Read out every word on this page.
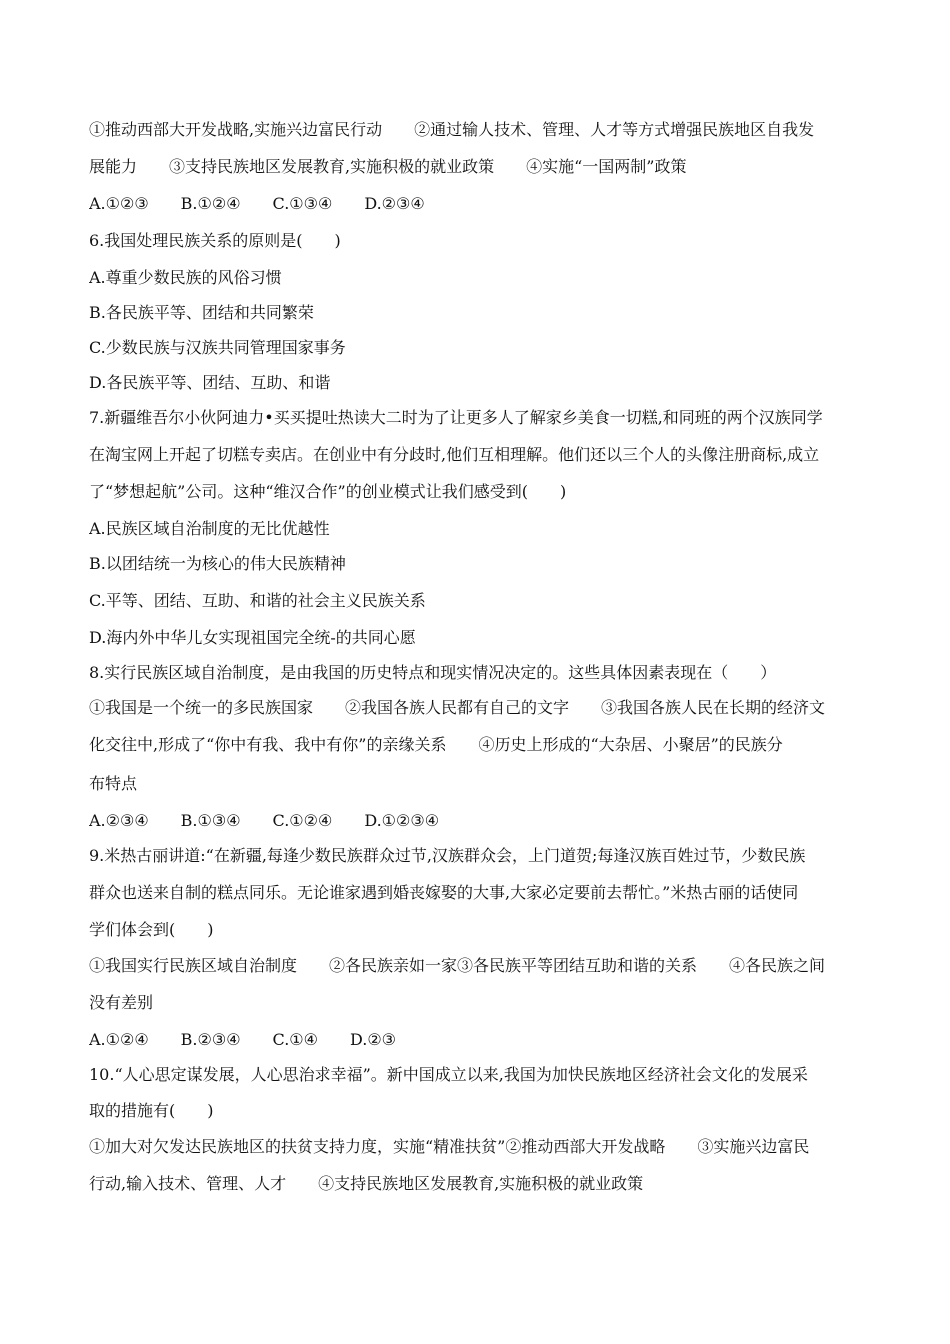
①推动西部大开发战略,实施兴边富民行动　　②通过输人技术、管理、人才等方式增强民族地区自我发
展能力　　③支持民族地区发展教育,实施积极的就业政策　　④实施“一国两制”政策
A.①②③　　B.①②④　　C.①③④　　D.②③④
6.我国处理民族关系的原则是(　　)
A.尊重少数民族的风俗习惯
B.各民族平等、团结和共同繁荣
C.少数民族与汉族共同管理国家事务
D.各民族平等、团结、互助、和谐
7.新疆维吾尔小伙阿迪力•买买提吐热读大二时为了让更多人了解家乡美食一切糕,和同班的两个汉族同学
在淘宝网上开起了切糕专卖店。在创业中有分歧时,他们互相理解。他们还以三个人的头像注册商标,成立
了“梦想起航”公司。这种“维汉合作”的创业模式让我们感受到(　　)
A.民族区域自治制度的无比优越性
B.以团结统一为核心的伟大民族精神
C.平等、团结、互助、和谐的社会主义民族关系
D.海内外中华儿女实现祖国完全统-的共同心愿
8.实行民族区域自治制度，是由我国的历史特点和现实情况决定的。这些具体因素表现在（　　）
①我国是一个统一的多民族国家　　②我国各族人民都有自己的文字　　③我国各族人民在长期的经济文
化交往中,形成了“你中有我、我中有你”的亲缘关系　　④历史上形成的“大杂居、小聚居”的民族分
布特点
A.②③④　　B.①③④　　C.①②④　　D.①②③④
9.米热古丽讲道:“在新疆,每逢少数民族群众过节,汉族群众会，上门道贺;每逢汉族百姓过节，少数民族
群众也送来自制的糕点同乐。无论谁家遇到婚丧嫁娶的大事,大家必定要前去帮忙。”米热古丽的话使同
学们体会到(　　)
①我国实行民族区域自治制度　　②各民族亲如一家③各民族平等团结互助和谐的关系　　④各民族之间
没有差别
A.①②④　　B.②③④　　C.①④　　D.②③
10.“人心思定谋发展，人心思治求幸福”。新中国成立以来,我国为加快民族地区经济社会文化的发展采
取的措施有(　　)
①加大对欠发达民族地区的扶贫支持力度，实施“精准扶贫”②推动西部大开发战略　　③实施兴边富民
行动,输入技术、管理、人才　　④支持民族地区发展教育,实施积极的就业政策
